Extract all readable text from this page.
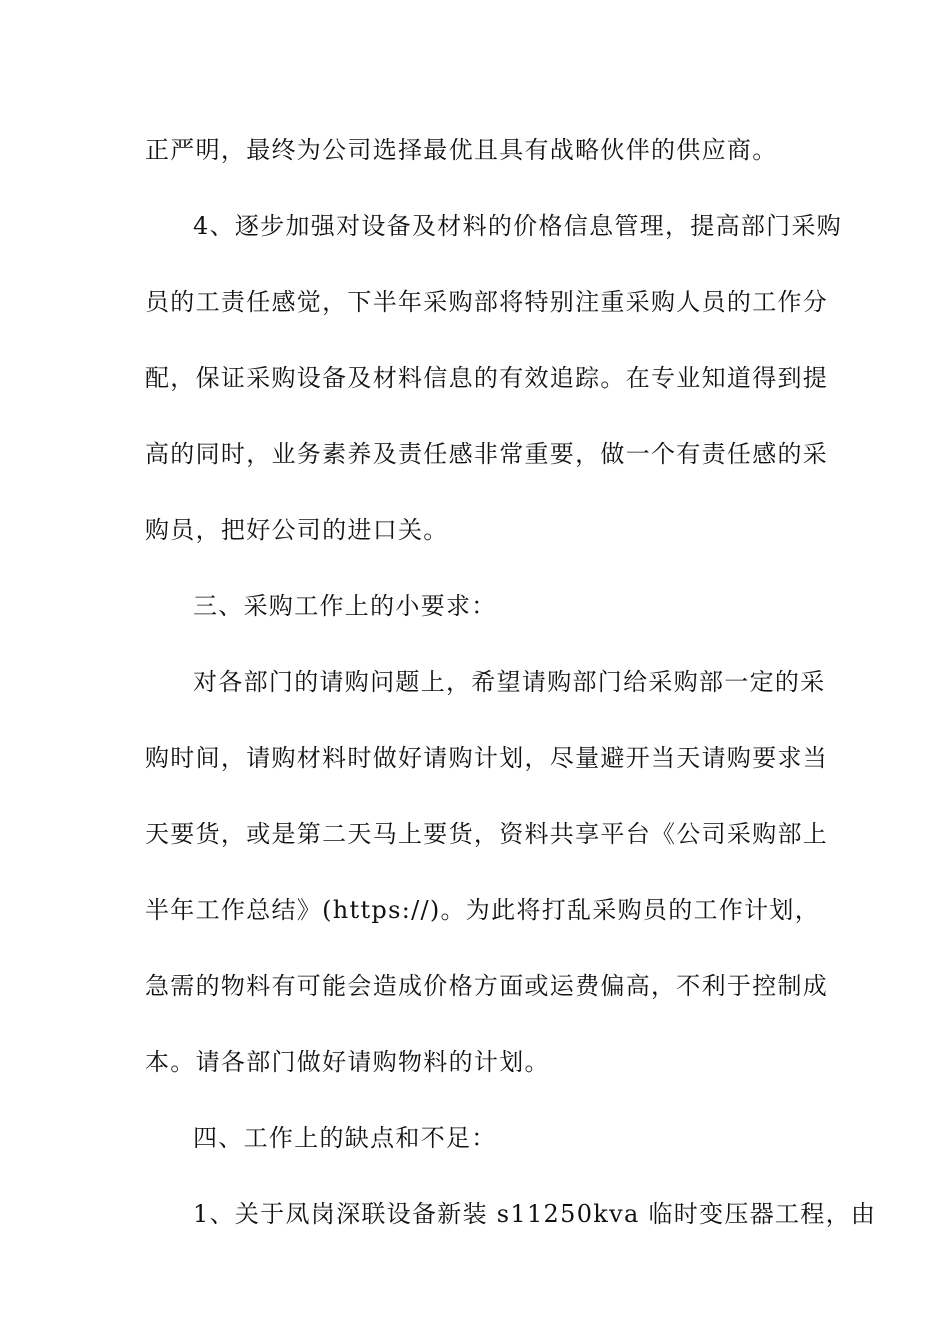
正严明，最终为公司选择最优且具有战略伙伴的供应商。
4、逐步加强对设备及材料的价格信息管理，提高部门采购
员的工责任感觉，下半年采购部将特别注重采购人员的工作分
配，保证采购设备及材料信息的有效追踪。在专业知道得到提
高的同时，业务素养及责任感非常重要，做一个有责任感的采
购员，把好公司的进口关。
三、采购工作上的小要求：
对各部门的请购问题上，希望请购部门给采购部一定的采
购时间，请购材料时做好请购计划，尽量避开当天请购要求当
天要货，或是第二天马上要货，资料共享平台《公司采购部上
半年工作总结》(https://)。为此将打乱采购员的工作计划，
急需的物料有可能会造成价格方面或运费偏高，不利于控制成
本。请各部门做好请购物料的计划。
四、工作上的缺点和不足：
1、关于凤岗深联设备新装 s11250kva 临时变压器工程，由
